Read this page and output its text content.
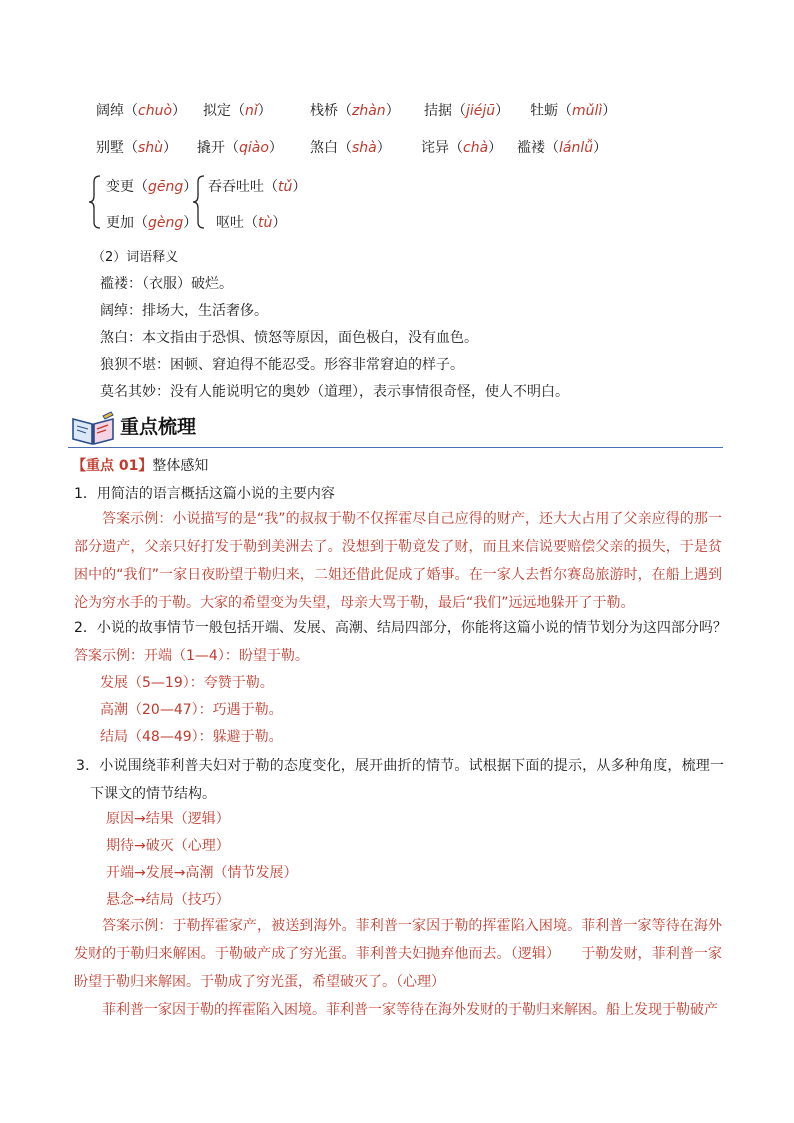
阔绰（chuò） 拟定（nǐ）	栈桥（zhàn） 拮据（jiéjū） 牡蛎（mǔlì）
别墅（shù） 撬开（qiào） 煞白（shà） 诧异（chà） 褴褛（lánlǚ）
变更（gēng）
更加（gèng）
吞吞吐吐（tǔ）
呕吐（tù）
（2）词语释义
褴褛：（衣服）破烂。
阔绰：排场大，生活奢侈。
煞白：本文指由于恐惧、愤怒等原因，面色极白，没有血色。
狼狈不堪：困顿、窘迫得不能忍受。形容非常窘迫的样子。
莫名其妙：没有人能说明它的奥妙（道理），表示事情很奇怪，使人不明白。
重点梳理
【重点 01】整体感知
1．用简洁的语言概括这篇小说的主要内容
答案示例：小说描写的是“我”的叔叔于勒不仅挥霍尽自己应得的财产，还大大占用了父亲应得的那一部分遗产，父亲只好打发于勒到美洲去了。没想到于勒竟发了财，而且来信说要赔偿父亲的损失，于是贫困中的“我们”一家日夜盼望于勒归来，二姐还借此促成了婚事。在一家人去哲尔赛岛旅游时，在船上遇到沦为穷水手的于勒。大家的希望变为失望，母亲大骂于勒，最后“我们”远远地躲开了于勒。
2．小说的故事情节一般包括开端、发展、高潮、结局四部分，你能将这篇小说的情节划分为这四部分吗？
答案示例：开端（1—4）：盼望于勒。
发展（5—19）：夸赞于勒。
高潮（20—47）：巧遇于勒。
结局（48—49）：躲避于勒。
3．小说围绕菲利普夫妇对于勒的态度变化，展开曲折的情节。试根据下面的提示，从多种角度，梳理一下课文的情节结构。
原因→结果（逻辑）
期待→破灭（心理）
开端→发展→高潮（情节发展）
悬念→结局（技巧）
答案示例：于勒挥霍家产，被送到海外。菲利普一家因于勒的挥霍陷入困境。菲利普一家等待在海外发财的于勒归来解困。于勒破产成了穷光蛋。菲利普夫妇抛弃他而去。（逻辑）　　于勒发财，菲利普一家盼望于勒归来解困。于勒成了穷光蛋，希望破灭了。（心理）
菲利普一家因于勒的挥霍陷入困境。菲利普一家等待在海外发财的于勒归来解困。船上发现于勒破产
